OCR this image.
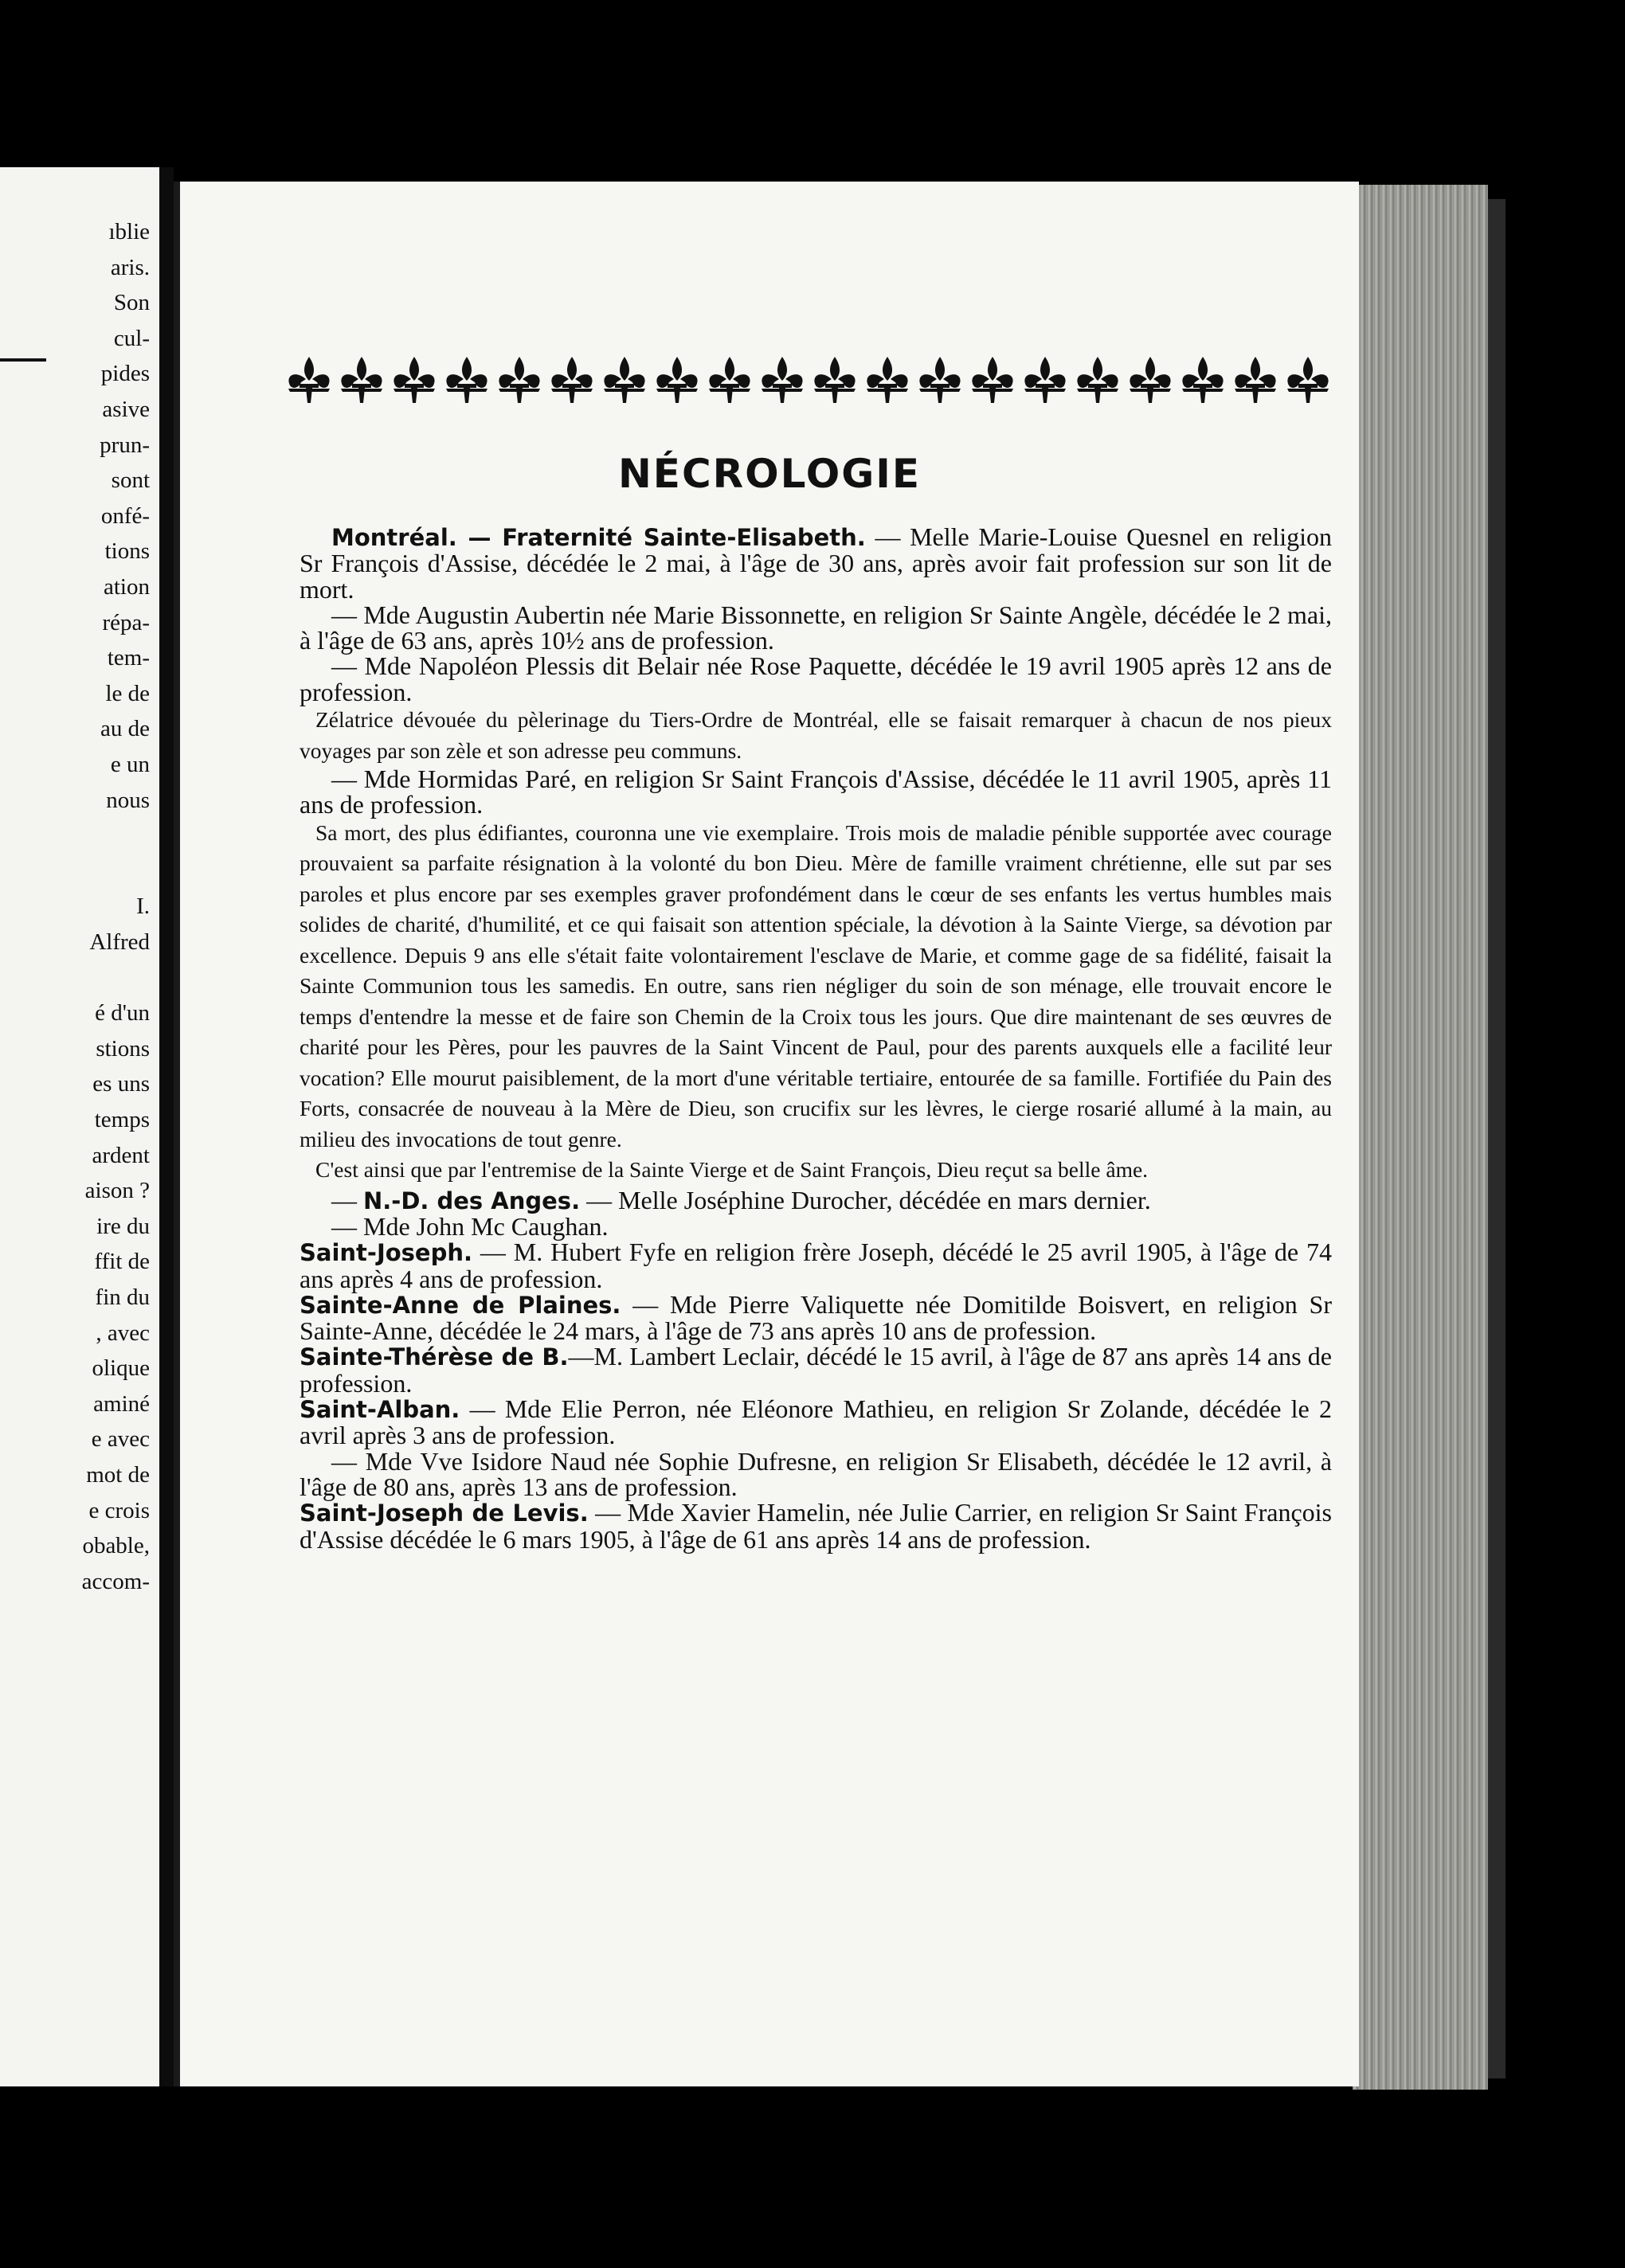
ıblie
aris.
Son
cul-
pides
asive
prun-
sont
onfé-
tions
ation
répa-
tem-
le de
au de
e un
nous
I.
Alfred
é d'un
stions
es uns
temps
ardent
aison ?
ire du
ffit de
fin du
, avec
olique
aminé
e avec
mot de
e crois
obable,
accom-
NÉCROLOGIE

Montréal. — Fraternité Sainte-Elisabeth. — Melle Marie-Louise Quesnel en religion Sr François d'Assise, décédée le 2 mai, à l'âge de 30 ans, après avoir fait profession sur son lit de mort.

— Mde Augustin Aubertin née Marie Bissonnette, en religion Sr Sainte Angèle, décédée le 2 mai, à l'âge de 63 ans, après 10½ ans de profession.

— Mde Napoléon Plessis dit Belair née Rose Paquette, décédée le 19 avril 1905 après 12 ans de profession.

Zélatrice dévouée du pèlerinage du Tiers-Ordre de Montréal, elle se faisait remarquer à chacun de nos pieux voyages par son zèle et son adresse peu communs.

— Mde Hormidas Paré, en religion Sr Saint François d'Assise, décédée le 11 avril 1905, après 11 ans de profession.

Sa mort, des plus édifiantes, couronna une vie exemplaire. Trois mois de maladie pénible supportée avec courage prouvaient sa parfaite résignation à la volonté du bon Dieu. Mère de famille vraiment chrétienne, elle sut par ses paroles et plus encore par ses exemples graver profondément dans le cœur de ses enfants les vertus humbles mais solides de charité, d'humilité, et ce qui faisait son attention spéciale, la dévotion à la Sainte Vierge, sa dévotion par excellence. Depuis 9 ans elle s'était faite volontairement l'esclave de Marie, et comme gage de sa fidélité, faisait la Sainte Communion tous les samedis. En outre, sans rien négliger du soin de son ménage, elle trouvait encore le temps d'entendre la messe et de faire son Chemin de la Croix tous les jours. Que dire maintenant de ses œuvres de charité pour les Pères, pour les pauvres de la Saint Vincent de Paul, pour des parents auxquels elle a facilité leur vocation? Elle mourut paisiblement, de la mort d'une véritable tertiaire, entourée de sa famille. Fortifiée du Pain des Forts, consacrée de nouveau à la Mère de Dieu, son crucifix sur les lèvres, le cierge rosarié allumé à la main, au milieu des invocations de tout genre.

C'est ainsi que par l'entremise de la Sainte Vierge et de Saint François, Dieu reçut sa belle âme.

— N.-D. des Anges. — Melle Joséphine Durocher, décédée en mars dernier.

— Mde John Mc Caughan.

Saint-Joseph. — M. Hubert Fyfe en religion frère Joseph, décédé le 25 avril 1905, à l'âge de 74 ans après 4 ans de profession.

Sainte-Anne de Plaines. — Mde Pierre Valiquette née Domitilde Boisvert, en religion Sr Sainte-Anne, décédée le 24 mars, à l'âge de 73 ans après 10 ans de profession.

Sainte-Thérèse de B.—M. Lambert Leclair, décédé le 15 avril, à l'âge de 87 ans après 14 ans de profession.

Saint-Alban. — Mde Elie Perron, née Eléonore Mathieu, en religion Sr Zolande, décédée le 2 avril après 3 ans de profession.

— Mde Vve Isidore Naud née Sophie Dufresne, en religion Sr Elisabeth, décédée le 12 avril, à l'âge de 80 ans, après 13 ans de profession.

Saint-Joseph de Levis. — Mde Xavier Hamelin, née Julie Carrier, en religion Sr Saint François d'Assise décédée le 6 mars 1905, à l'âge de 61 ans après 14 ans de profession.
